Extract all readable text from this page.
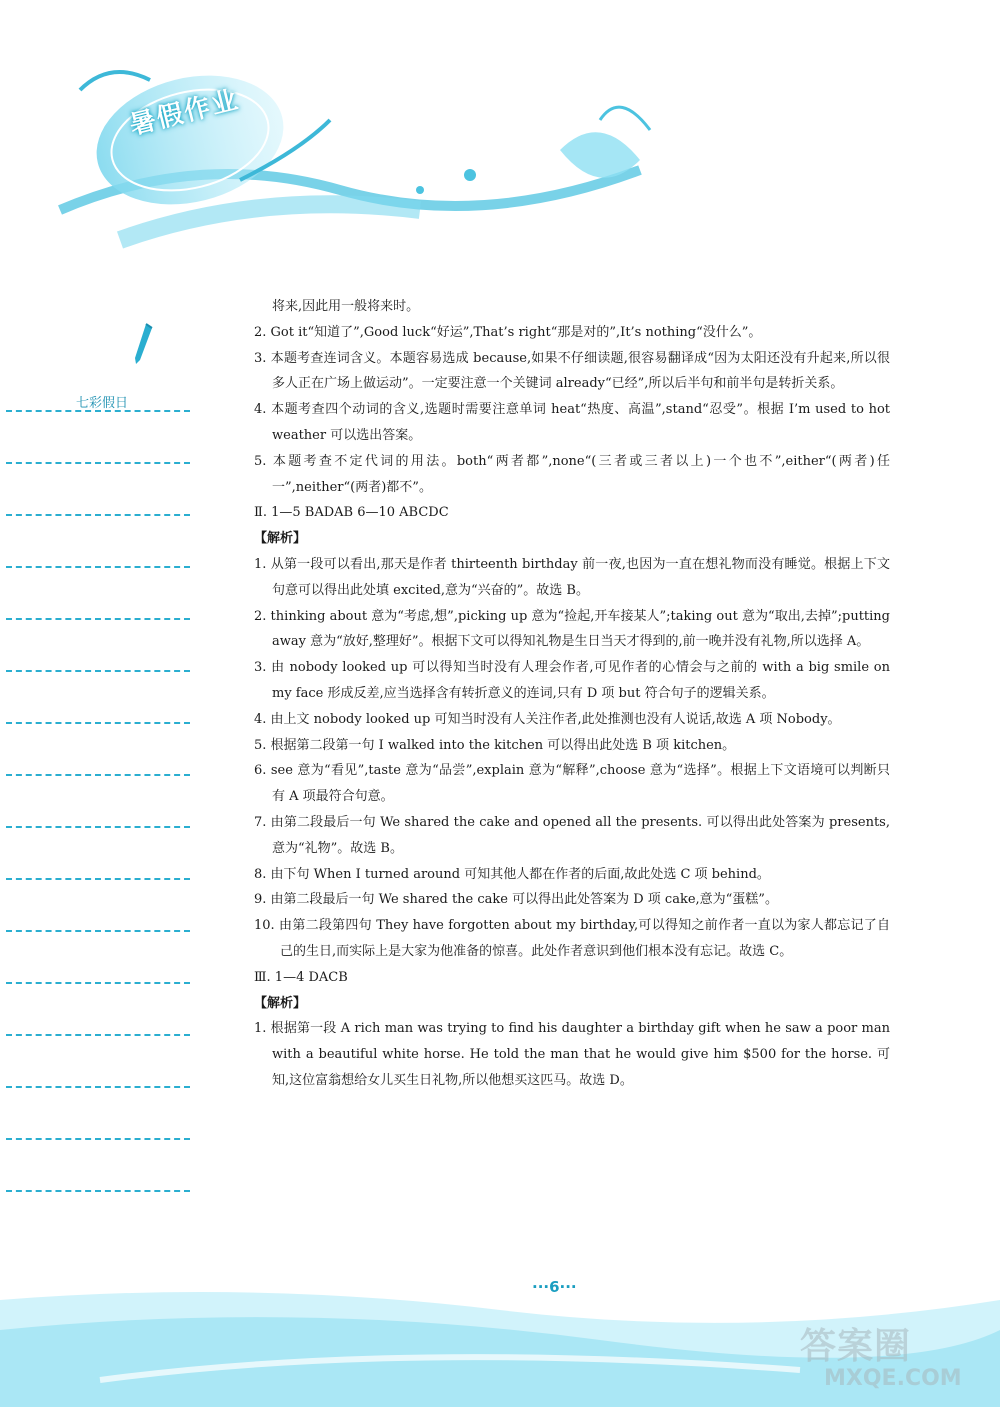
暑假作业
七彩假日

将来,因此用一般将来时。

2. Got it“知道了”,Good luck“好运”,That’s right“那是对的”,It’s nothing“没什么”。

3. 本题考查连词含义。本题容易选成 because,如果不仔细读题,很容易翻译成“因为太阳还没有升起来,所以很多人正在广场上做运动”。一定要注意一个关键词 already“已经”,所以后半句和前半句是转折关系。

4. 本题考查四个动词的含义,选题时需要注意单词 heat“热度、高温”,stand“忍受”。根据 I’m used to hot weather 可以选出答案。

5. 本题考查不定代词的用法。both“两者都”,none“(三者或三者以上)一个也不”,either“(两者)任一”,neither“(两者)都不”。

Ⅱ. 1—5 BADAB 6—10 ABCDC

【解析】

1. 从第一段可以看出,那天是作者 thirteenth birthday 前一夜,也因为一直在想礼物而没有睡觉。根据上下文句意可以得出此处填 excited,意为“兴奋的”。故选 B。

2. thinking about 意为“考虑,想”,picking up 意为“捡起,开车接某人”;taking out 意为“取出,去掉”;putting away 意为“放好,整理好”。根据下文可以得知礼物是生日当天才得到的,前一晚并没有礼物,所以选择 A。

3. 由 nobody looked up 可以得知当时没有人理会作者,可见作者的心情会与之前的 with a big smile on my face 形成反差,应当选择含有转折意义的连词,只有 D 项 but 符合句子的逻辑关系。

4. 由上文 nobody looked up 可知当时没有人关注作者,此处推测也没有人说话,故选 A 项 Nobody。

5. 根据第二段第一句 I walked into the kitchen 可以得出此处选 B 项 kitchen。

6. see 意为“看见”,taste 意为“品尝”,explain 意为“解释”,choose 意为“选择”。根据上下文语境可以判断只有 A 项最符合句意。

7. 由第二段最后一句 We shared the cake and opened all the presents. 可以得出此处答案为 presents,意为“礼物”。故选 B。

8. 由下句 When I turned around 可知其他人都在作者的后面,故此处选 C 项 behind。

9. 由第二段最后一句 We shared the cake 可以得出此处答案为 D 项 cake,意为“蛋糕”。

10. 由第二段第四句 They have forgotten about my birthday,可以得知之前作者一直以为家人都忘记了自己的生日,而实际上是大家为他准备的惊喜。此处作者意识到他们根本没有忘记。故选 C。

Ⅲ. 1—4 DACB

【解析】

1. 根据第一段 A rich man was trying to find his daughter a birthday gift when he saw a poor man with a beautiful white horse. He told the man that he would give him $500 for the horse. 可知,这位富翁想给女儿买生日礼物,所以他想买这匹马。故选 D。

···6···
答案圈
MXQE.COM
